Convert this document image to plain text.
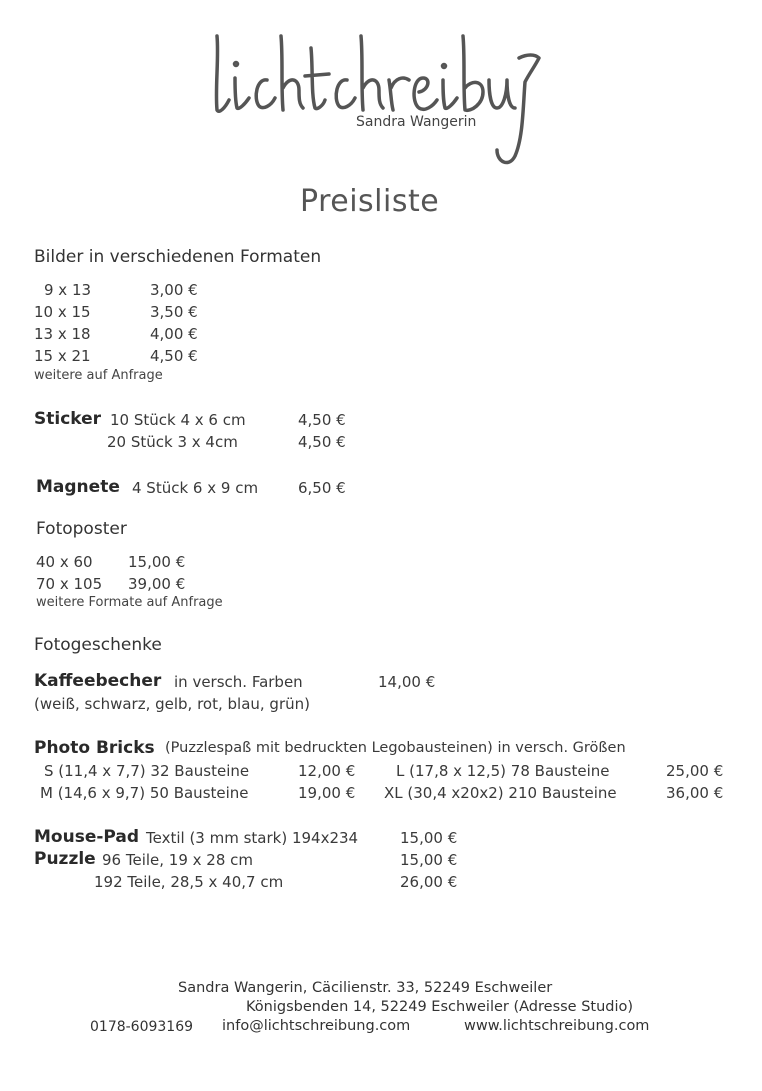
Sandra Wangerin
Preisliste
Bilder in verschiedenen Formaten
9 x 13	3,00 €
10 x 15	3,50 €
13 x 18	4,00 €
15 x 21	4,50 €
weitere auf Anfrage
Sticker 10 Stück 4 x 6 cm	4,50 €
20 Stück 3 x 4cm	4,50 €
Magnete 4 Stück 6 x 9 cm	6,50 €
Fotoposter
40 x 60 15,00 €
70 x 105 39,00 €
weitere Formate auf Anfrage
Fotogeschenke
Kaffeebecher in versch. Farben	14,00 €
(weiß, schwarz, gelb, rot, blau, grün)
Photo Bricks (Puzzlespaß mit bedruckten Legobausteinen) in versch. Größen
S (11,4 x 7,7) 32 Bausteine	12,00 €	L (17,8 x 12,5) 78 Bausteine	25,00 €
M (14,6 x 9,7) 50 Bausteine	19,00 € XL (30,4 x20x2) 210 Bausteine	36,00 €
Mouse-Pad Textil (3 mm stark) 194x234	15,00 €
Puzzle 96 Teile, 19 x 28 cm	15,00 €
192 Teile, 28,5 x 40,7 cm	26,00 €
Sandra Wangerin, Cäcilienstr. 33, 52249 Eschweiler
Königsbenden 14, 52249 Eschweiler (Adresse Studio)
0178-6093169 info@lichtschreibung.com	www.lichtschreibung.com
